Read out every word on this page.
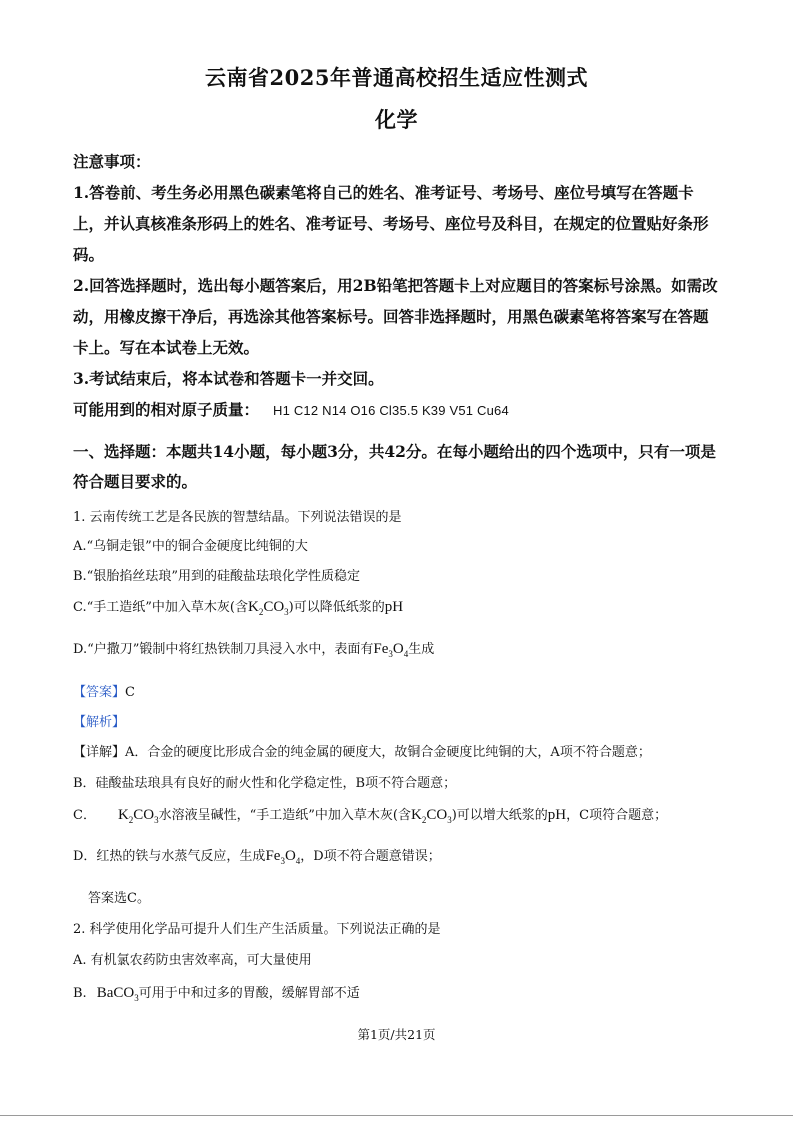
云南省2025年普通高校招生适应性测式
化学

注意事项：

1.答卷前、考生务必用黑色碳素笔将自己的姓名、准考证号、考场号、座位号填写在答题卡上，并认真核准条形码上的姓名、准考证号、考场号、座位号及科目，在规定的位置贴好条形码。

2.回答选择题时，选出每小题答案后，用2B铅笔把答题卡上对应题目的答案标号涂黑。如需改动，用橡皮擦干净后，再选涂其他答案标号。回答非选择题时，用黑色碳素笔将答案写在答题卡上。写在本试卷上无效。

3.考试结束后，将本试卷和答题卡一并交回。

可能用到的相对原子质量： H1 C12 N14 O16 Cl35.5 K39 V51 Cu64

一、选择题：本题共14小题，每小题3分，共42分。在每小题给出的四个选项中，只有一项是符合题目要求的。
1. 云南传统工艺是各民族的智慧结晶。下列说法错误的是
A.“乌铜走银”中的铜合金硬度比纯铜的大
B.“银胎掐丝珐琅”用到的硅酸盐珐琅化学性质稳定
C.“手工造纸”中加入草木灰(含$K_2CO_3$)可以降低纸浆的pH
D.“户撒刀”锻制中将红热铁制刀具浸入水中，表面有$Fe_3O_4$生成
【答案】C
【解析】
【详解】A．合金的硬度比形成合金的纯金属的硬度大，故铜合金硬度比纯铜的大，A项不符合题意；
B．硅酸盐珐琅具有良好的耐火性和化学稳定性，B项不符合题意；
C． $K_2CO_3$水溶液呈碱性，“手工造纸”中加入草木灰(含$K_2CO_3$)可以增大纸浆的pH，C项符合题意；
D．红热的铁与水蒸气反应，生成$Fe_3O_4$，D项不符合题意错误；
答案选C。
2. 科学使用化学品可提升人们生产生活质量。下列说法正确的是
A. 有机氯农药防虫害效率高，可大量使用
B. BaCO$_3$可用于中和过多的胃酸，缓解胃部不适
第1页/共21页
